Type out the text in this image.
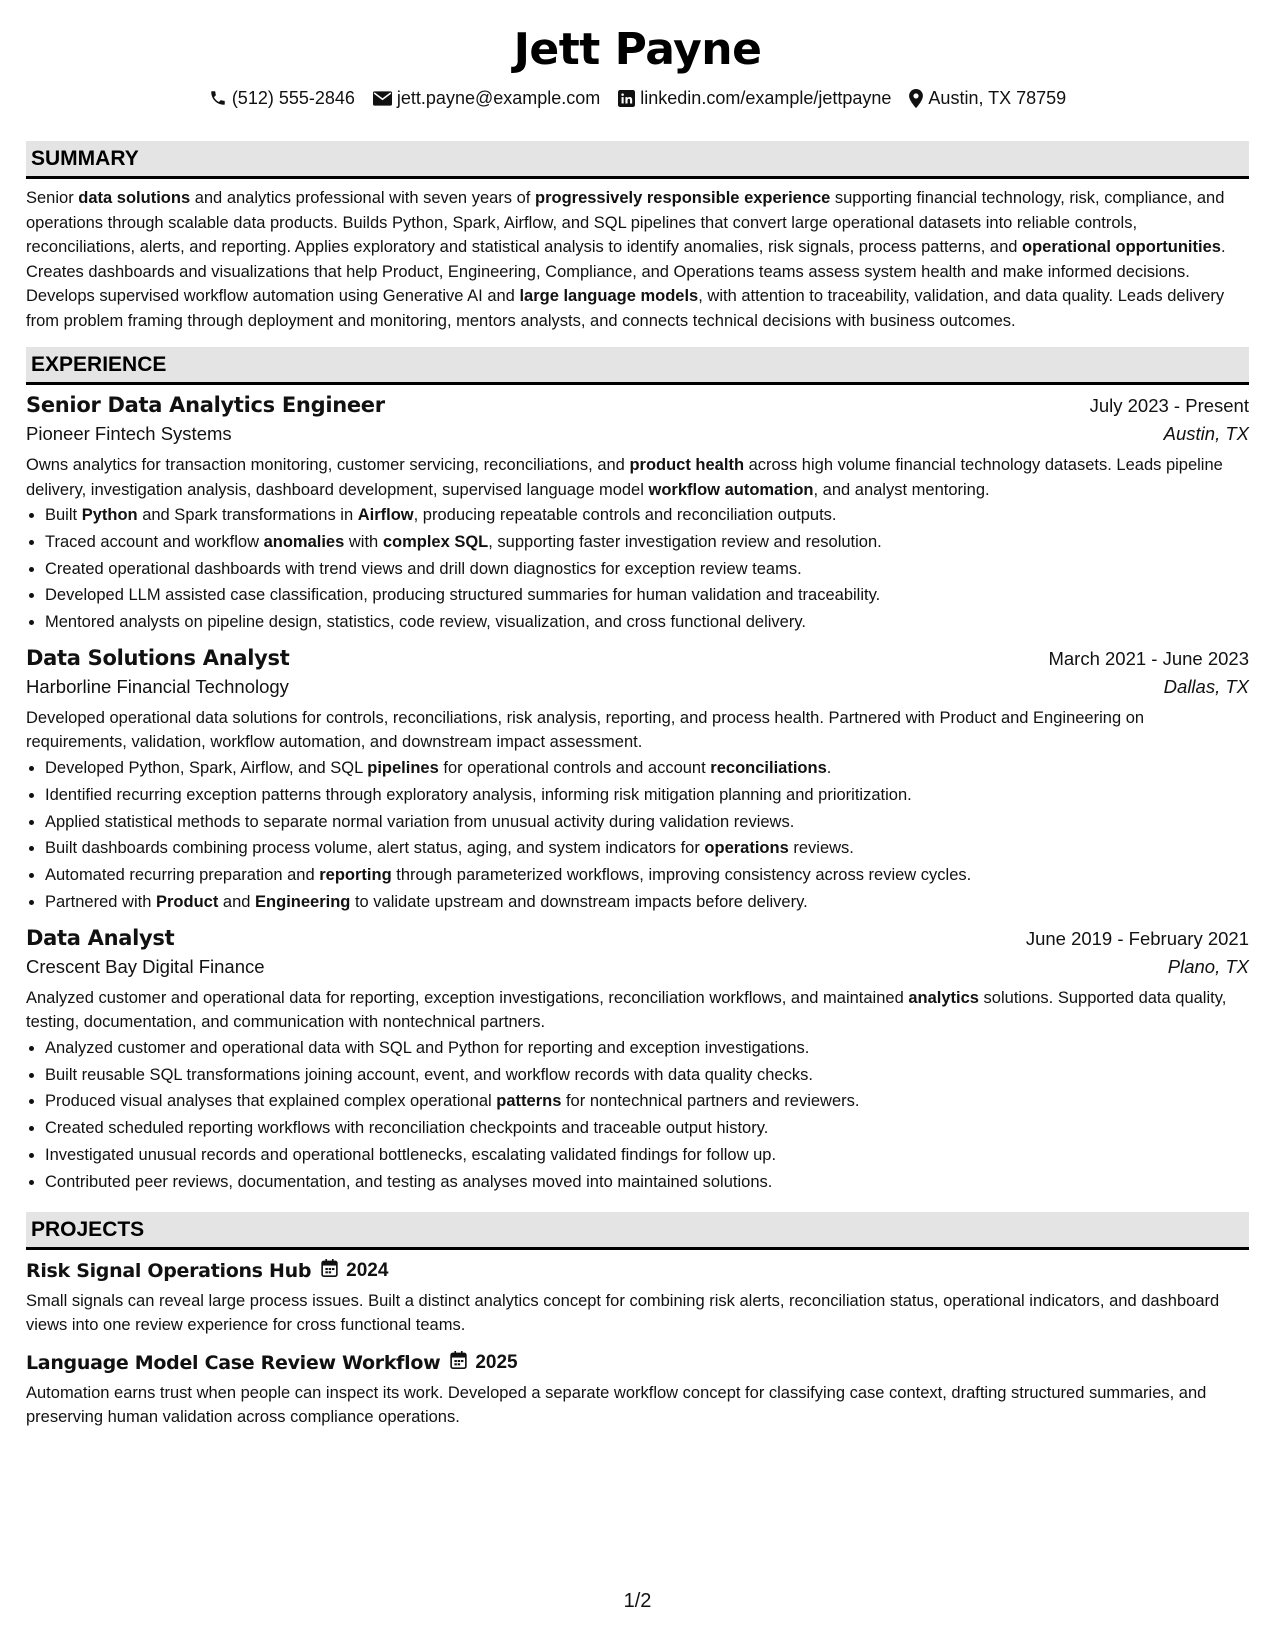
Jett Payne
(512) 555-2846 jett.payne@example.com linkedin.com/example/jettpayne Austin, TX 78759
SUMMARY

Senior data solutions and analytics professional with seven years of progressively responsible experience supporting financial technology, risk, compliance, and operations through scalable data products. Builds Python, Spark, Airflow, and SQL pipelines that convert large operational datasets into reliable controls, reconciliations, alerts, and reporting. Applies exploratory and statistical analysis to identify anomalies, risk signals, process patterns, and operational opportunities. Creates dashboards and visualizations that help Product, Engineering, Compliance, and Operations teams assess system health and make informed decisions. Develops supervised workflow automation using Generative AI and large language models, with attention to traceability, validation, and data quality. Leads delivery from problem framing through deployment and monitoring, mentors analysts, and connects technical decisions with business outcomes.

EXPERIENCE
Senior Data Analytics Engineer	July 2023 - Present
Pioneer Fintech Systems	Austin, TX

Owns analytics for transaction monitoring, customer servicing, reconciliations, and product health across high volume financial technology datasets. Leads pipeline delivery, investigation analysis, dashboard development, supervised language model workflow automation, and analyst mentoring.

• Built Python and Spark transformations in Airflow, producing repeatable controls and reconciliation outputs.
• Traced account and workflow anomalies with complex SQL, supporting faster investigation review and resolution.
• Created operational dashboards with trend views and drill down diagnostics for exception review teams.
• Developed LLM assisted case classification, producing structured summaries for human validation and traceability.
• Mentored analysts on pipeline design, statistics, code review, visualization, and cross functional delivery.
Data Solutions Analyst	March 2021 - June 2023
Harborline Financial Technology	Dallas, TX

Developed operational data solutions for controls, reconciliations, risk analysis, reporting, and process health. Partnered with Product and Engineering on requirements, validation, workflow automation, and downstream impact assessment.

• Developed Python, Spark, Airflow, and SQL pipelines for operational controls and account reconciliations.
• Identified recurring exception patterns through exploratory analysis, informing risk mitigation planning and prioritization.
• Applied statistical methods to separate normal variation from unusual activity during validation reviews.
• Built dashboards combining process volume, alert status, aging, and system indicators for operations reviews.
• Automated recurring preparation and reporting through parameterized workflows, improving consistency across review cycles.
• Partnered with Product and Engineering to validate upstream and downstream impacts before delivery.
Data Analyst	June 2019 - February 2021
Crescent Bay Digital Finance	Plano, TX

Analyzed customer and operational data for reporting, exception investigations, reconciliation workflows, and maintained analytics solutions. Supported data quality, testing, documentation, and communication with nontechnical partners.

• Analyzed customer and operational data with SQL and Python for reporting and exception investigations.
• Built reusable SQL transformations joining account, event, and workflow records with data quality checks.
• Produced visual analyses that explained complex operational patterns for nontechnical partners and reviewers.
• Created scheduled reporting workflows with reconciliation checkpoints and traceable output history.
• Investigated unusual records and operational bottlenecks, escalating validated findings for follow up.
• Contributed peer reviews, documentation, and testing as analyses moved into maintained solutions.
PROJECTS
Risk Signal Operations Hub 2024

Small signals can reveal large process issues. Built a distinct analytics concept for combining risk alerts, reconciliation status, operational indicators, and dashboard views into one review experience for cross functional teams.

Language Model Case Review Workflow 2025

Automation earns trust when people can inspect its work. Developed a separate workflow concept for classifying case context, drafting structured summaries, and preserving human validation across compliance operations.

1/2
